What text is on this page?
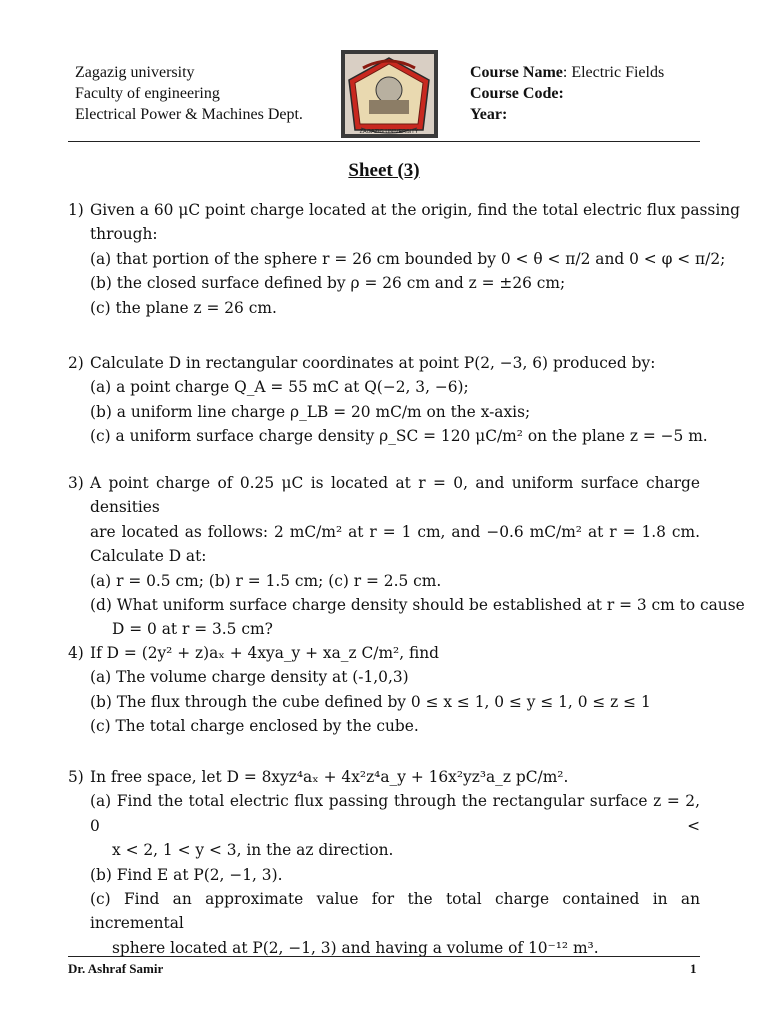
Zagazig university
Faculty of engineering
Electrical Power & Machines Dept.
ZAGAZIG UNIVERSITY
Course Name: Electric Fields
Course Code:
Year:
Sheet (3)
1) Given a 60 μC point charge located at the origin, find the total electric flux passing
through:
(a) that portion of the sphere r = 26 cm bounded by 0 < θ < π/2 and 0 < φ < π/2;
(b) the closed surface defined by ρ = 26 cm and z = ±26 cm;
(c) the plane z = 26 cm.
2) Calculate D in rectangular coordinates at point P(2, −3, 6) produced by:
(a) a point charge Q_A = 55 mC at Q(−2, 3, −6);
(b) a uniform line charge ρ_LB = 20 mC/m on the x-axis;
(c) a uniform surface charge density ρ_SC = 120 μC/m² on the plane z = −5 m.
3) A point charge of 0.25 μC is located at r = 0, and uniform surface charge densities
are located as follows: 2 mC/m² at r = 1 cm, and −0.6 mC/m² at r = 1.8 cm.
Calculate D at:
(a) r = 0.5 cm; (b) r = 1.5 cm; (c) r = 2.5 cm.
(d) What uniform surface charge density should be established at r = 3 cm to cause
D = 0 at r = 3.5 cm?
4) If D = (2y² + z)aₓ + 4xya_y + xa_z C/m², find
(a) The volume charge density at (-1,0,3)
(b) The flux through the cube defined by 0 ≤ x ≤ 1, 0 ≤ y ≤ 1, 0 ≤ z ≤ 1
(c) The total charge enclosed by the cube.
5) In free space, let D = 8xyz⁴aₓ + 4x²z⁴a_y + 16x²yz³a_z pC/m².
(a) Find the total electric flux passing through the rectangular surface z = 2, 0 <
x < 2, 1 < y < 3, in the az direction.
(b) Find E at P(2, −1, 3).
(c) Find an approximate value for the total charge contained in an incremental
sphere located at P(2, −1, 3) and having a volume of 10⁻¹² m³.
Dr. Ashraf Samir	1
